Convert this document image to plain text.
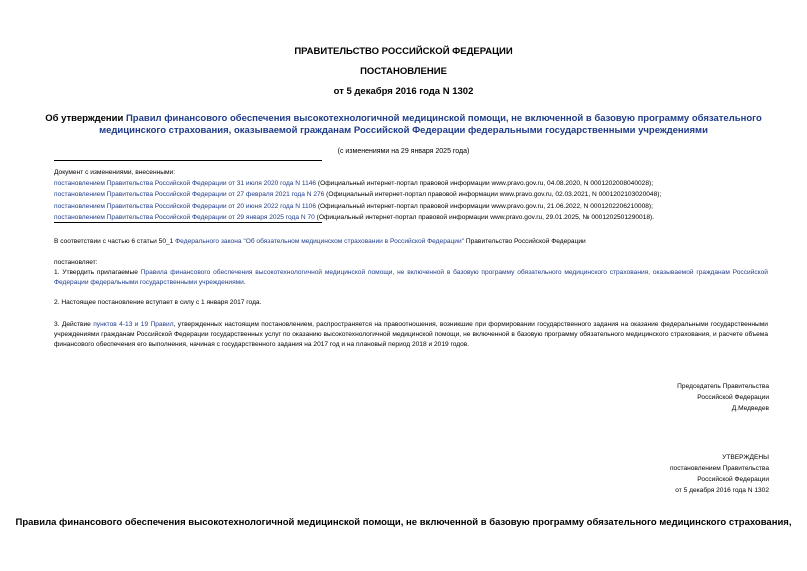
ПРАВИТЕЛЬСТВО РОССИЙСКОЙ ФЕДЕРАЦИИ
ПОСТАНОВЛЕНИЕ
от 5 декабря 2016 года N 1302
Об утверждении Правил финансового обеспечения высокотехнологичной медицинской помощи, не включенной в базовую программу обязательного
медицинского страхования, оказываемой гражданам Российской Федерации федеральными государственными учреждениями
(с изменениями на 29 января 2025 года)
Документ с изменениями, внесенными:
постановлением Правительства Российской Федерации от 31 июля 2020 года N 1146 (Официальный интернет-портал правовой информации www.pravo.gov.ru, 04.08.2020, N 0001202008040028);
постановлением Правительства Российской Федерации от 27 февраля 2021 года N 276 (Официальный интернет-портал правовой информации www.pravo.gov.ru, 02.03.2021, N 0001202103020048);
постановлением Правительства Российской Федерации от 20 июня 2022 года N 1106 (Официальный интернет-портал правовой информации www.pravo.gov.ru, 21.06.2022, N 0001202206210008);
постановлением Правительства Российской Федерации от 29 января 2025 года N 70 (Официальный интернет-портал правовой информации www.pravo.gov.ru, 29.01.2025, № 0001202501290018).
В соответствии с частью 6 статьи 50_1 Федерального закона "Об обязательном медицинском страховании в Российской Федерации" Правительство Российской Федерации
постановляет:
1. Утвердить прилагаемые Правила финансового обеспечения высокотехнологичной медицинской помощи, не включенной в базовую программу обязательного медицинского страхования, оказываемой гражданам Российской Федерации федеральными государственными учреждениями.
2. Настоящее постановление вступает в силу с 1 января 2017 года.
3. Действие пунктов 4-13 и 19 Правил, утвержденных настоящим постановлением, распространяется на правоотношения, возникшие при формировании государственного задания на оказание федеральными государственными учреждениями гражданам Российской Федерации государственных услуг по оказанию высокотехнологичной медицинской помощи, не включенной в базовую программу обязательного медицинского страхования, и расчете объема финансового обеспечения его выполнения, начиная с государственного задания на 2017 год и на плановый период 2018 и 2019 годов.
Председатель Правительства
Российской Федерации
Д.Медведев
УТВЕРЖДЕНЫ
постановлением Правительства
Российской Федерации
от 5 декабря 2016 года N 1302
Правила финансового обеспечения высокотехнологичной медицинской помощи, не включенной в базовую программу обязательного медицинского страхования,
